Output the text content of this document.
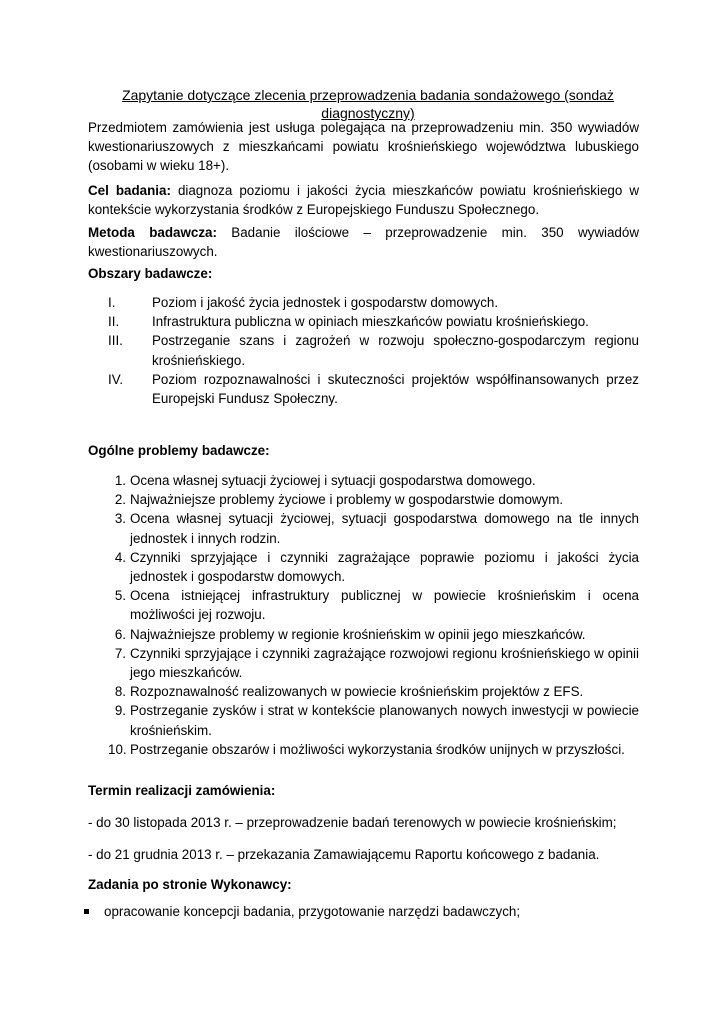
Zapytanie dotyczące zlecenia przeprowadzenia badania sondażowego (sondaż diagnostyczny)

Przedmiotem zamówienia jest usługa polegająca na przeprowadzeniu min. 350 wywiadów kwestionariuszowych z mieszkańcami powiatu krośnieńskiego województwa lubuskiego (osobami w wieku 18+).

Cel badania: diagnoza poziomu i jakości życia mieszkańców powiatu krośnieńskiego w kontekście wykorzystania środków z Europejskiego Funduszu Społecznego.

Metoda badawcza: Badanie ilościowe – przeprowadzenie min. 350 wywiadów kwestionariuszowych.

Obszary badawcze:
I.	Poziom i jakość życia jednostek i gospodarstw domowych.
II. Infrastruktura publiczna w opiniach mieszkańców powiatu krośnieńskiego.
III. Postrzeganie szans i zagrożeń w rozwoju społeczno-gospodarczym regionu krośnieńskiego.
IV. Poziom rozpoznawalności i skuteczności projektów współfinansowanych przez Europejski Fundusz Społeczny.
Ogólne problemy badawcze:
1. Ocena własnej sytuacji życiowej i sytuacji gospodarstwa domowego.
2. Najważniejsze problemy życiowe i problemy w gospodarstwie domowym.
3. Ocena własnej sytuacji życiowej, sytuacji gospodarstwa domowego na tle innych jednostek i innych rodzin.
4. Czynniki sprzyjające i czynniki zagrażające poprawie poziomu i jakości życia jednostek i gospodarstw domowych.
5. Ocena istniejącej infrastruktury publicznej w powiecie krośnieńskim i ocena możliwości jej rozwoju.
6. Najważniejsze problemy w regionie krośnieńskim w opinii jego mieszkańców.
7. Czynniki sprzyjające i czynniki zagrażające rozwojowi regionu krośnieńskiego w opinii jego mieszkańców.
8. Rozpoznawalność realizowanych w powiecie krośnieńskim projektów z EFS.
9. Postrzeganie zysków i strat w kontekście planowanych nowych inwestycji w powiecie krośnieńskim.
10. Postrzeganie obszarów i możliwości wykorzystania środków unijnych w przyszłości.
Termin realizacji zamówienia:
- do 30 listopada 2013 r. – przeprowadzenie badań terenowych w powiecie krośnieńskim;
- do 21 grudnia 2013 r. – przekazania Zamawiającemu Raportu końcowego z badania.
Zadania po stronie Wykonawcy:
opracowanie koncepcji badania, przygotowanie narzędzi badawczych;
